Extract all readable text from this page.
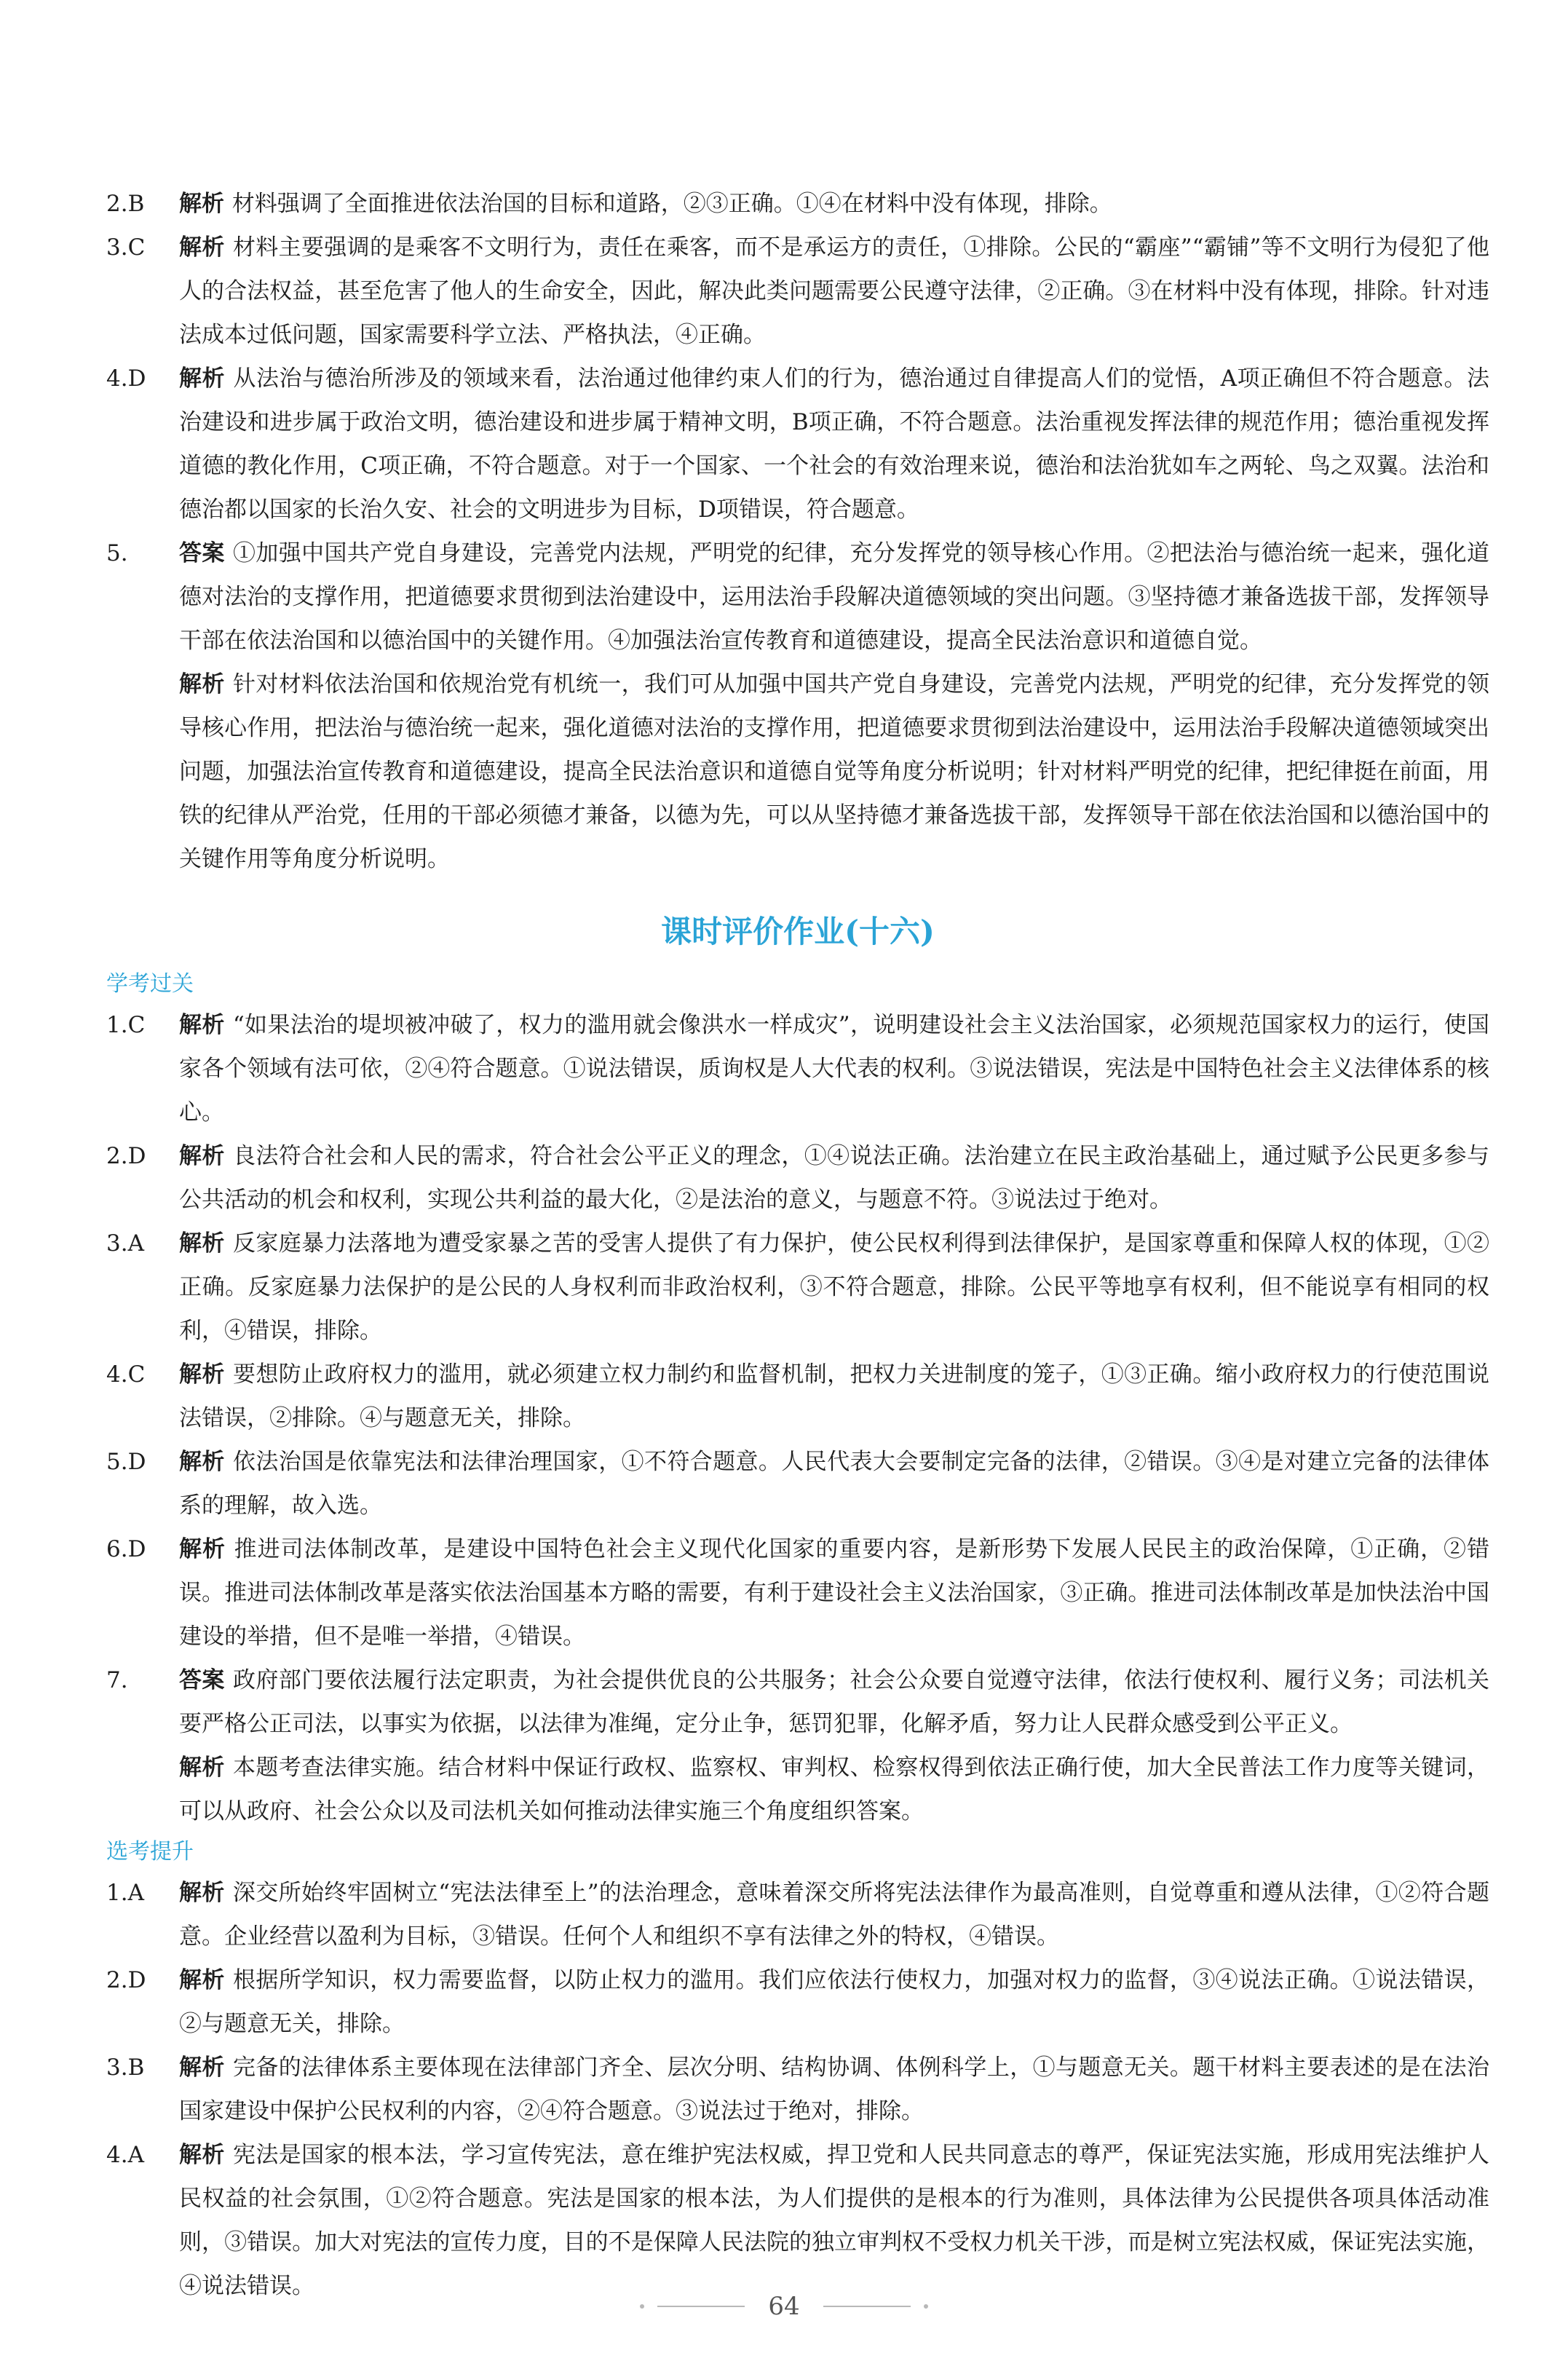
2.B	解析 材料强调了全面推进依法治国的目标和道路，②③正确。①④在材料中没有体现，排除。
3.C	解析 材料主要强调的是乘客不文明行为，责任在乘客，而不是承运方的责任，①排除。公民的“霸座”“霸铺”等不文明行为侵犯了他人的合法权益，甚至危害了他人的生命安全，因此，解决此类问题需要公民遵守法律，②正确。③在材料中没有体现，排除。针对违法成本过低问题，国家需要科学立法、严格执法，④正确。
4.D	解析 从法治与德治所涉及的领域来看，法治通过他律约束人们的行为，德治通过自律提高人们的觉悟，A项正确但不符合题意。法治建设和进步属于政治文明，德治建设和进步属于精神文明，B项正确，不符合题意。法治重视发挥法律的规范作用；德治重视发挥道德的教化作用，C项正确，不符合题意。对于一个国家、一个社会的有效治理来说，德治和法治犹如车之两轮、鸟之双翼。法治和德治都以国家的长治久安、社会的文明进步为目标，D项错误，符合题意。
5.	答案 ①加强中国共产党自身建设，完善党内法规，严明党的纪律，充分发挥党的领导核心作用。②把法治与德治统一起来，强化道德对法治的支撑作用，把道德要求贯彻到法治建设中，运用法治手段解决道德领域的突出问题。③坚持德才兼备选拔干部，发挥领导干部在依法治国和以德治国中的关键作用。④加强法治宣传教育和道德建设，提高全民法治意识和道德自觉。
解析 针对材料依法治国和依规治党有机统一，我们可从加强中国共产党自身建设，完善党内法规，严明党的纪律，充分发挥党的领导核心作用，把法治与德治统一起来，强化道德对法治的支撑作用，把道德要求贯彻到法治建设中，运用法治手段解决道德领域突出问题，加强法治宣传教育和道德建设，提高全民法治意识和道德自觉等角度分析说明；针对材料严明党的纪律，把纪律挺在前面，用铁的纪律从严治党，任用的干部必须德才兼备，以德为先，可以从坚持德才兼备选拔干部，发挥领导干部在依法治国和以德治国中的关键作用等角度分析说明。
课时评价作业(十六)
学考过关
1.C	解析 “如果法治的堤坝被冲破了，权力的滥用就会像洪水一样成灾”，说明建设社会主义法治国家，必须规范国家权力的运行，使国家各个领域有法可依，②④符合题意。①说法错误，质询权是人大代表的权利。③说法错误，宪法是中国特色社会主义法律体系的核心。
2.D	解析 良法符合社会和人民的需求，符合社会公平正义的理念，①④说法正确。法治建立在民主政治基础上，通过赋予公民更多参与公共活动的机会和权利，实现公共利益的最大化，②是法治的意义，与题意不符。③说法过于绝对。
3.A	解析 反家庭暴力法落地为遭受家暴之苦的受害人提供了有力保护，使公民权利得到法律保护，是国家尊重和保障人权的体现，①②正确。反家庭暴力法保护的是公民的人身权利而非政治权利，③不符合题意，排除。公民平等地享有权利，但不能说享有相同的权利，④错误，排除。
4.C	解析 要想防止政府权力的滥用，就必须建立权力制约和监督机制，把权力关进制度的笼子，①③正确。缩小政府权力的行使范围说法错误，②排除。④与题意无关，排除。
5.D	解析 依法治国是依靠宪法和法律治理国家，①不符合题意。人民代表大会要制定完备的法律，②错误。③④是对建立完备的法律体系的理解，故入选。
6.D	解析 推进司法体制改革，是建设中国特色社会主义现代化国家的重要内容，是新形势下发展人民民主的政治保障，①正确，②错误。推进司法体制改革是落实依法治国基本方略的需要，有利于建设社会主义法治国家，③正确。推进司法体制改革是加快法治中国建设的举措，但不是唯一举措，④错误。
7.	答案 政府部门要依法履行法定职责，为社会提供优良的公共服务；社会公众要自觉遵守法律，依法行使权利、履行义务；司法机关要严格公正司法，以事实为依据，以法律为准绳，定分止争，惩罚犯罪，化解矛盾，努力让人民群众感受到公平正义。
解析 本题考查法律实施。结合材料中保证行政权、监察权、审判权、检察权得到依法正确行使，加大全民普法工作力度等关键词，可以从政府、社会公众以及司法机关如何推动法律实施三个角度组织答案。
选考提升
1.A	解析 深交所始终牢固树立“宪法法律至上”的法治理念，意味着深交所将宪法法律作为最高准则，自觉尊重和遵从法律，①②符合题意。企业经营以盈利为目标，③错误。任何个人和组织不享有法律之外的特权，④错误。
2.D	解析 根据所学知识，权力需要监督，以防止权力的滥用。我们应依法行使权力，加强对权力的监督，③④说法正确。①说法错误，②与题意无关，排除。
3.B	解析 完备的法律体系主要体现在法律部门齐全、层次分明、结构协调、体例科学上，①与题意无关。题干材料主要表述的是在法治国家建设中保护公民权利的内容，②④符合题意。③说法过于绝对，排除。
4.A	解析 宪法是国家的根本法，学习宣传宪法，意在维护宪法权威，捍卫党和人民共同意志的尊严，保证宪法实施，形成用宪法维护人民权益的社会氛围，①②符合题意。宪法是国家的根本法，为人们提供的是根本的行为准则，具体法律为公民提供各项具体活动准则，③错误。加大对宪法的宣传力度，目的不是保障人民法院的独立审判权不受权力机关干涉，而是树立宪法权威，保证宪法实施，④说法错误。
64
